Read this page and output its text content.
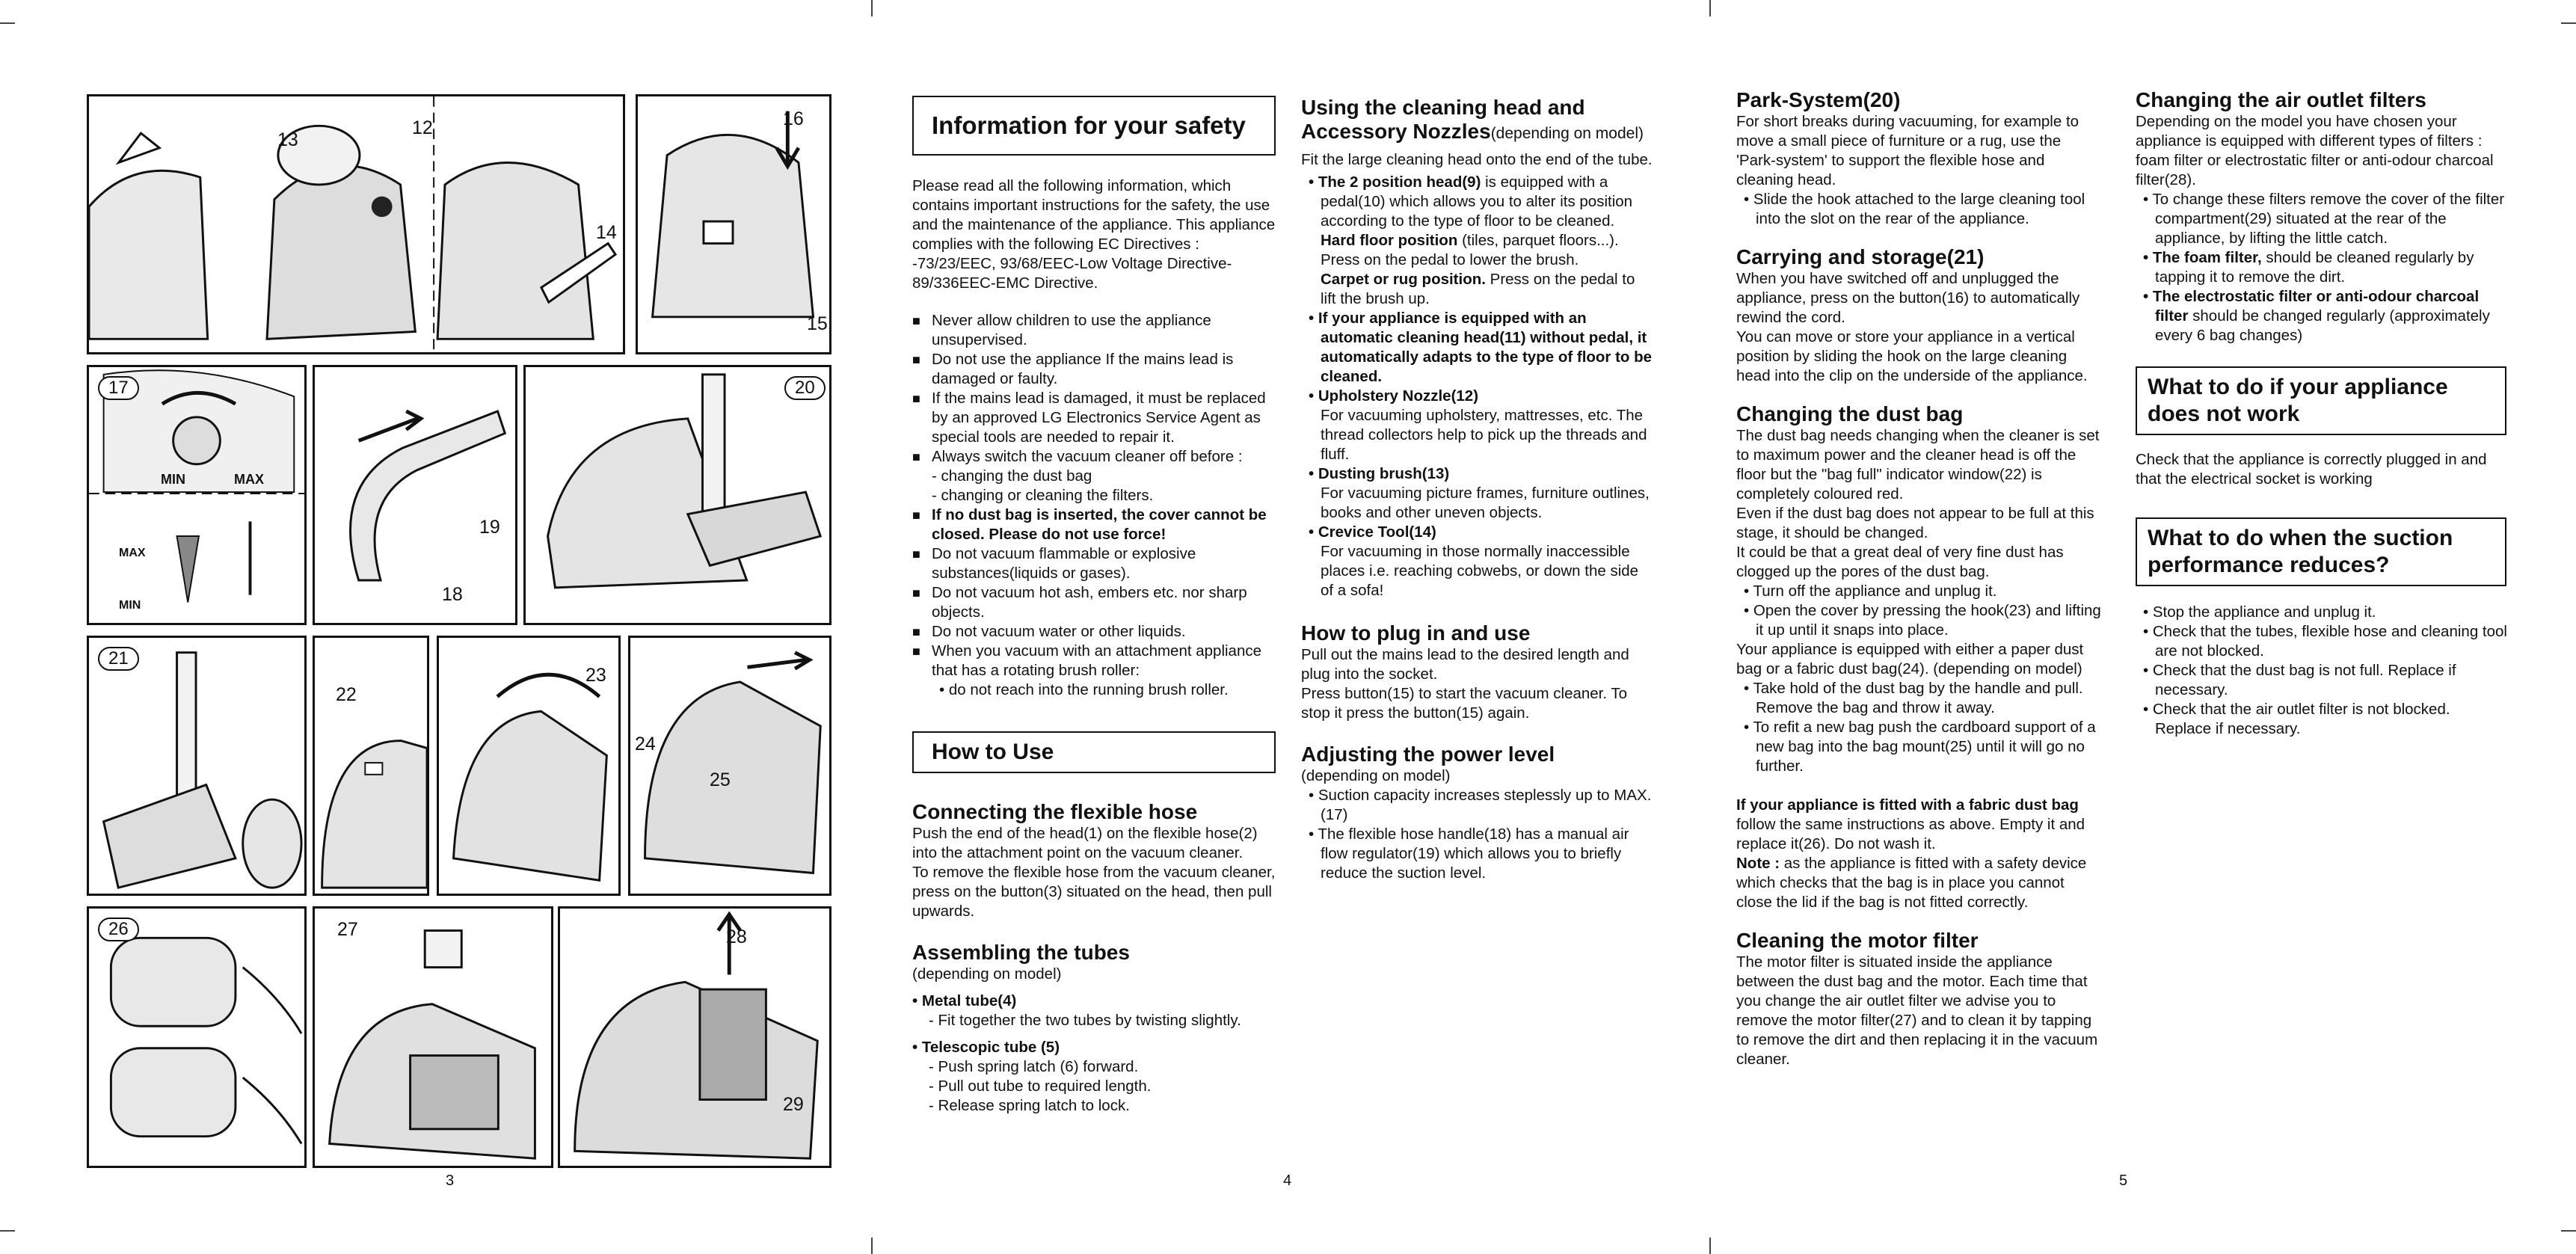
13
12
14
16
15
17
MIN	MAX
MAX
MIN
19
18
20
21
22
23
24
25
26	27	28
29
3	4	5
Information for your safety

Please read all the following information, which contains important instructions for the safety, the use and the maintenance of the appliance. This appliance complies with the following EC Directives : -73/23/EEC, 93/68/EEC-Low Voltage Directive-89/336EEC-EMC Directive.

■ Never allow children to use the appliance unsupervised.

■ Do not use the appliance If the mains lead is damaged or faulty.

■ If the mains lead is damaged, it must be replaced by an approved LG Electronics Service Agent as special tools are needed to repair it.

■ Always switch the vacuum cleaner off before :

- changing the dust bag

- changing or cleaning the filters.

■ If no dust bag is inserted, the cover cannot be closed. Please do not use force!

■ Do not vacuum flammable or explosive substances(liquids or gases).

■ Do not vacuum hot ash, embers etc. nor sharp objects.

■ Do not vacuum water or other liquids.

■ When you vacuum with an attachment appliance that has a rotating brush roller:

• do not reach into the running brush roller.

How to Use

Connecting the flexible hose

Push the end of the head(1) on the flexible hose(2) into the attachment point on the vacuum cleaner.

To remove the flexible hose from the vacuum cleaner, press on the button(3) situated on the head, then pull upwards.

Assembling the tubes

(depending on model)

• Metal tube(4)

- Fit together the two tubes by twisting slightly.

• Telescopic tube (5)

- Push spring latch (6) forward.

- Pull out tube to required length.

- Release spring latch to lock.

Using the cleaning head and Accessory Nozzles(depending on model)

Fit the large cleaning head onto the end of the tube.

• The 2 position head(9) is equipped with a pedal(10) which allows you to alter its position according to the type of floor to be cleaned.

Hard floor position (tiles, parquet floors...). Press on the pedal to lower the brush.

Carpet or rug position. Press on the pedal to lift the brush up.

• If your appliance is equipped with an automatic cleaning head(11) without pedal, it automatically adapts to the type of floor to be cleaned.

• Upholstery Nozzle(12)

For vacuuming upholstery, mattresses, etc. The thread collectors help to pick up the threads and fluff.

• Dusting brush(13)

For vacuuming picture frames, furniture outlines, books and other uneven objects.

• Crevice Tool(14)

For vacuuming in those normally inaccessible places i.e. reaching cobwebs, or down the side of a sofa!

How to plug in and use

Pull out the mains lead to the desired length and plug into the socket.

Press button(15) to start the vacuum cleaner. To stop it press the button(15) again.

Adjusting the power level

(depending on model)

• Suction capacity increases steplessly up to MAX.(17)

• The flexible hose handle(18) has a manual air flow regulator(19) which allows you to briefly reduce the suction level.

Park-System(20)

For short breaks during vacuuming, for example to move a small piece of furniture or a rug, use the 'Park-system' to support the flexible hose and cleaning head.

• Slide the hook attached to the large cleaning tool into the slot on the rear of the appliance.

Carrying and storage(21)

When you have switched off and unplugged the appliance, press on the button(16) to automatically rewind the cord.

You can move or store your appliance in a vertical position by sliding the hook on the large cleaning head into the clip on the underside of the appliance.

Changing the dust bag

The dust bag needs changing when the cleaner is set to maximum power and the cleaner head is off the floor but the "bag full" indicator window(22) is completely coloured red.

Even if the dust bag does not appear to be full at this stage, it should be changed.

It could be that a great deal of very fine dust has clogged up the pores of the dust bag.

• Turn off the appliance and unplug it.

• Open the cover by pressing the hook(23) and lifting it up until it snaps into place.

Your appliance is equipped with either a paper dust bag or a fabric dust bag(24). (depending on model)

• Take hold of the dust bag by the handle and pull. Remove the bag and throw it away.

• To refit a new bag push the cardboard support of a new bag into the bag mount(25) until it will go no further.

If your appliance is fitted with a fabric dust bag follow the same instructions as above. Empty it and replace it(26). Do not wash it.

Note : as the appliance is fitted with a safety device which checks that the bag is in place you cannot close the lid if the bag is not fitted correctly.

Cleaning the motor filter

The motor filter is situated inside the appliance between the dust bag and the motor. Each time that you change the air outlet filter we advise you to remove the motor filter(27) and to clean it by tapping to remove the dirt and then replacing it in the vacuum cleaner.

Changing the air outlet filters

Depending on the model you have chosen your appliance is equipped with different types of filters : foam filter or electrostatic filter or anti-odour charcoal filter(28).

• To change these filters remove the cover of the filter compartment(29) situated at the rear of the appliance, by lifting the little catch.

• The foam filter, should be cleaned regularly by tapping it to remove the dirt.

• The electrostatic filter or anti-odour charcoal filter should be changed regularly (approximately every 6 bag changes)

What to do if your appliance does not work

Check that the appliance is correctly plugged in and that the electrical socket is working

What to do when the suction performance reduces?

• Stop the appliance and unplug it.

• Check that the tubes, flexible hose and cleaning tool are not blocked.

• Check that the dust bag is not full. Replace if necessary.

• Check that the air outlet filter is not blocked. Replace if necessary.
